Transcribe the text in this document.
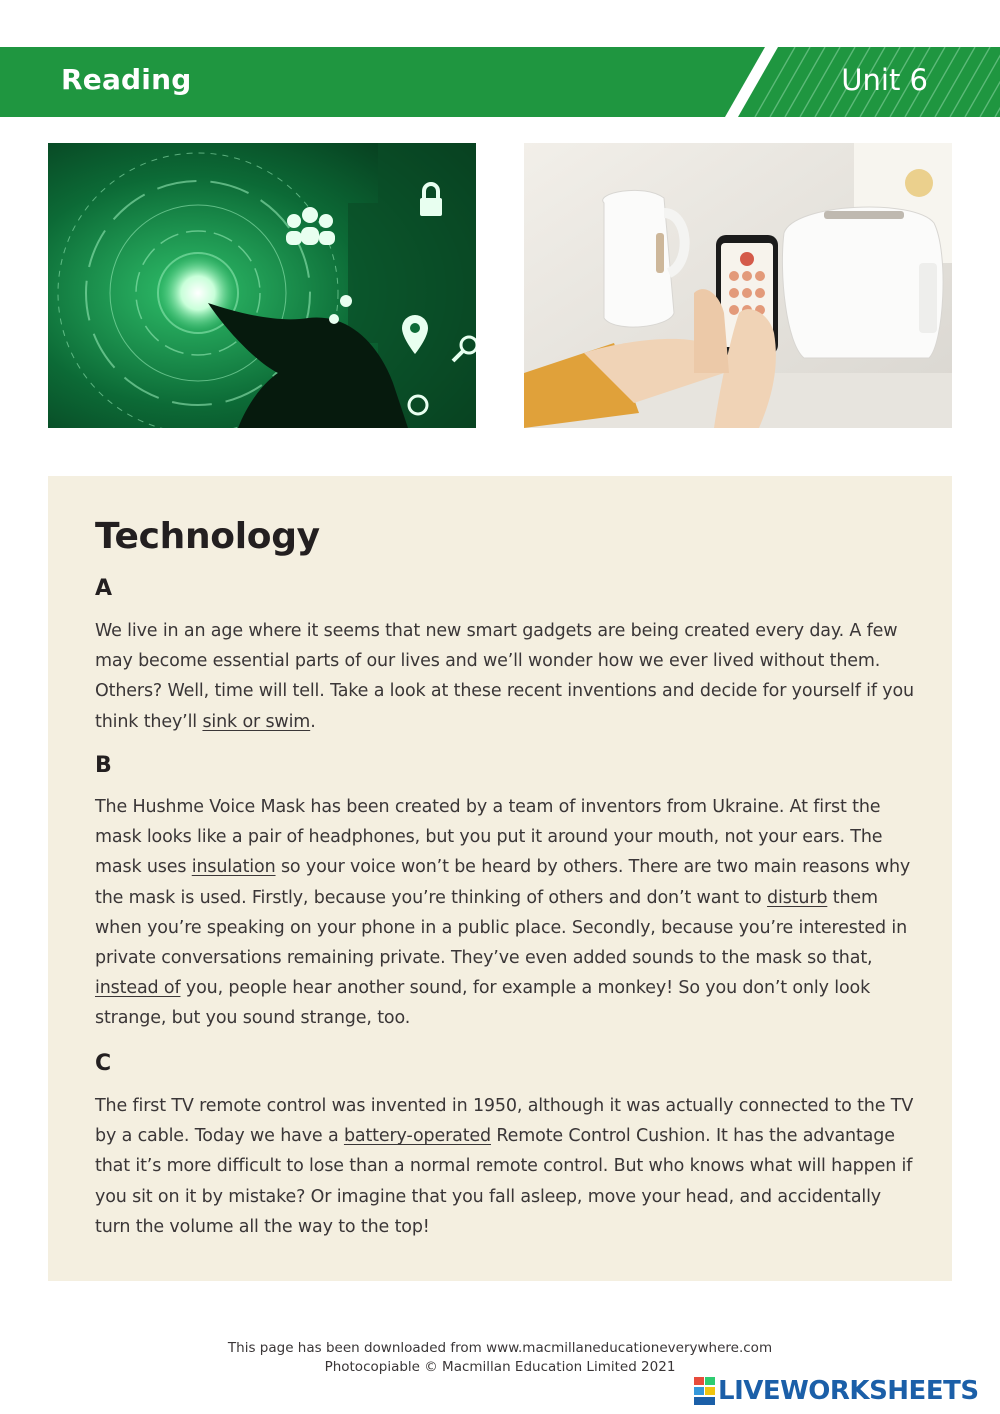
Reading	Unit 6
Technology
A

We live in an age where it seems that new smart gadgets are being created every day. A few may become essential parts of our lives and we’ll wonder how we ever lived without them. Others? Well, time will tell. Take a look at these recent inventions and decide for yourself if you think they’ll sink or swim.

B

The Hushme Voice Mask has been created by a team of inventors from Ukraine. At first the mask looks like a pair of headphones, but you put it around your mouth, not your ears. The mask uses insulation so your voice won’t be heard by others. There are two main reasons why the mask is used. Firstly, because you’re thinking of others and don’t want to disturb them when you’re speaking on your phone in a public place. Secondly, because you’re interested in private conversations remaining private. They’ve even added sounds to the mask so that, instead of you, people hear another sound, for example a monkey! So you don’t only look strange, but you sound strange, too.

C

The first TV remote control was invented in 1950, although it was actually connected to the TV by a cable. Today we have a battery-operated Remote Control Cushion. It has the advantage that it’s more difficult to lose than a normal remote control. But who knows what will happen if you sit on it by mistake? Or imagine that you fall asleep, move your head, and accidentally turn the volume all the way to the top!

This page has been downloaded from www.macmillaneducationeverywhere.com
Photocopiable © Macmillan Education Limited 2021
LIVEWORKSHEETS
